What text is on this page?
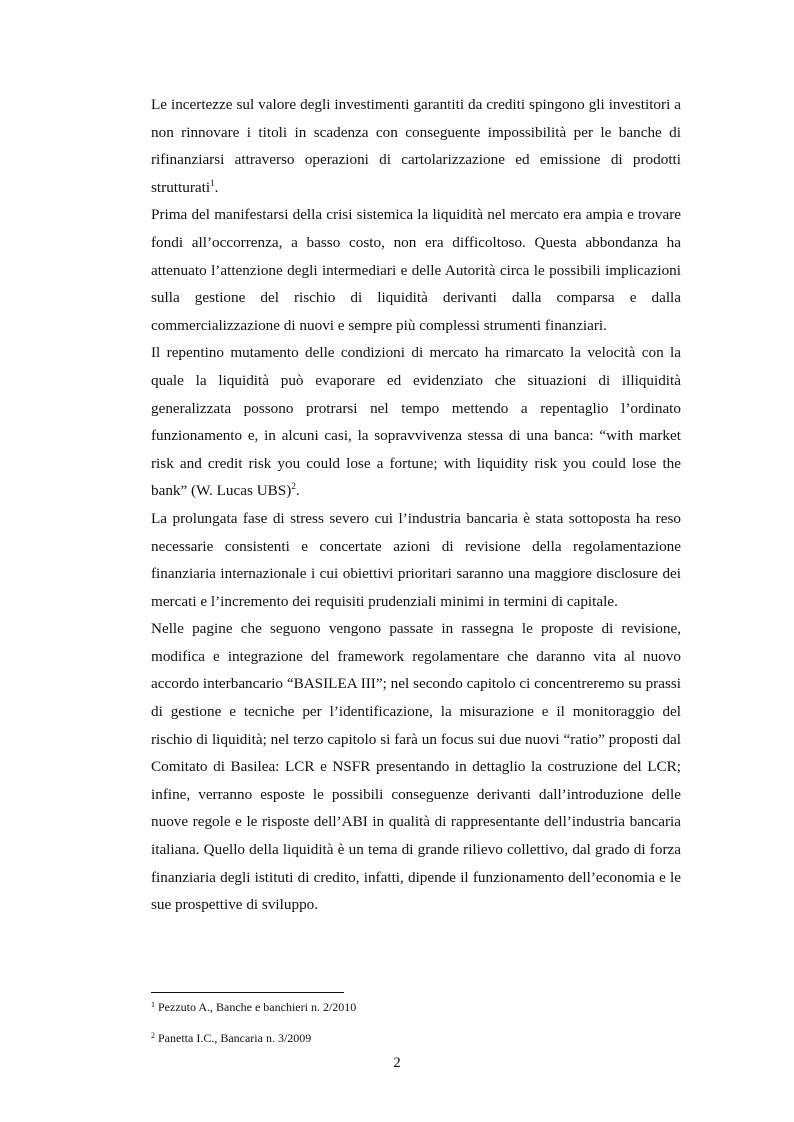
Le incertezze sul valore degli investimenti garantiti da crediti spingono gli investitori a non rinnovare i titoli in scadenza con conseguente impossibilità per le banche di rifinanziarsi attraverso operazioni di cartolarizzazione ed emissione di prodotti strutturati$^1$.

Prima del manifestarsi della crisi sistemica la liquidità nel mercato era ampia e trovare fondi all’occorrenza, a basso costo, non era difficoltoso. Questa abbondanza ha attenuato l’attenzione degli intermediari e delle Autorità circa le possibili implicazioni sulla gestione del rischio di liquidità derivanti dalla comparsa e dalla commercializzazione di nuovi e sempre più complessi strumenti finanziari.

Il repentino mutamento delle condizioni di mercato ha rimarcato la velocità con la quale la liquidità può evaporare ed evidenziato che situazioni di illiquidità generalizzata possono protrarsi nel tempo mettendo a repentaglio l’ordinato funzionamento e, in alcuni casi, la sopravvivenza stessa di una banca: “with market risk and credit risk you could lose a fortune; with liquidity risk you could lose the bank” (W. Lucas UBS)$^2$.

La prolungata fase di stress severo cui l’industria bancaria è stata sottoposta ha reso necessarie consistenti e concertate azioni di revisione della regolamentazione finanziaria internazionale i cui obiettivi prioritari saranno una maggiore disclosure dei mercati e l’incremento dei requisiti prudenziali minimi in termini di capitale.

Nelle pagine che seguono vengono passate in rassegna le proposte di revisione, modifica e integrazione del framework regolamentare che daranno vita al nuovo accordo interbancario “BASILEA III”; nel secondo capitolo ci concentreremo su prassi di gestione e tecniche per l’identificazione, la misurazione e il monitoraggio del rischio di liquidità; nel terzo capitolo si farà un focus sui due nuovi “ratio” proposti dal Comitato di Basilea: LCR e NSFR presentando in dettaglio la costruzione del LCR; infine, verranno esposte le possibili conseguenze derivanti dall’introduzione delle nuove regole e le risposte dell’ABI in qualità di rappresentante dell’industria bancaria italiana. Quello della liquidità è un tema di grande rilievo collettivo, dal grado di forza finanziaria degli istituti di credito, infatti, dipende il funzionamento dell’economia e le sue prospettive di sviluppo.

$^1$ Pezzuto A., Banche e banchieri n. 2/2010

$^2$ Panetta I.C., Bancaria n. 3/2009

2
